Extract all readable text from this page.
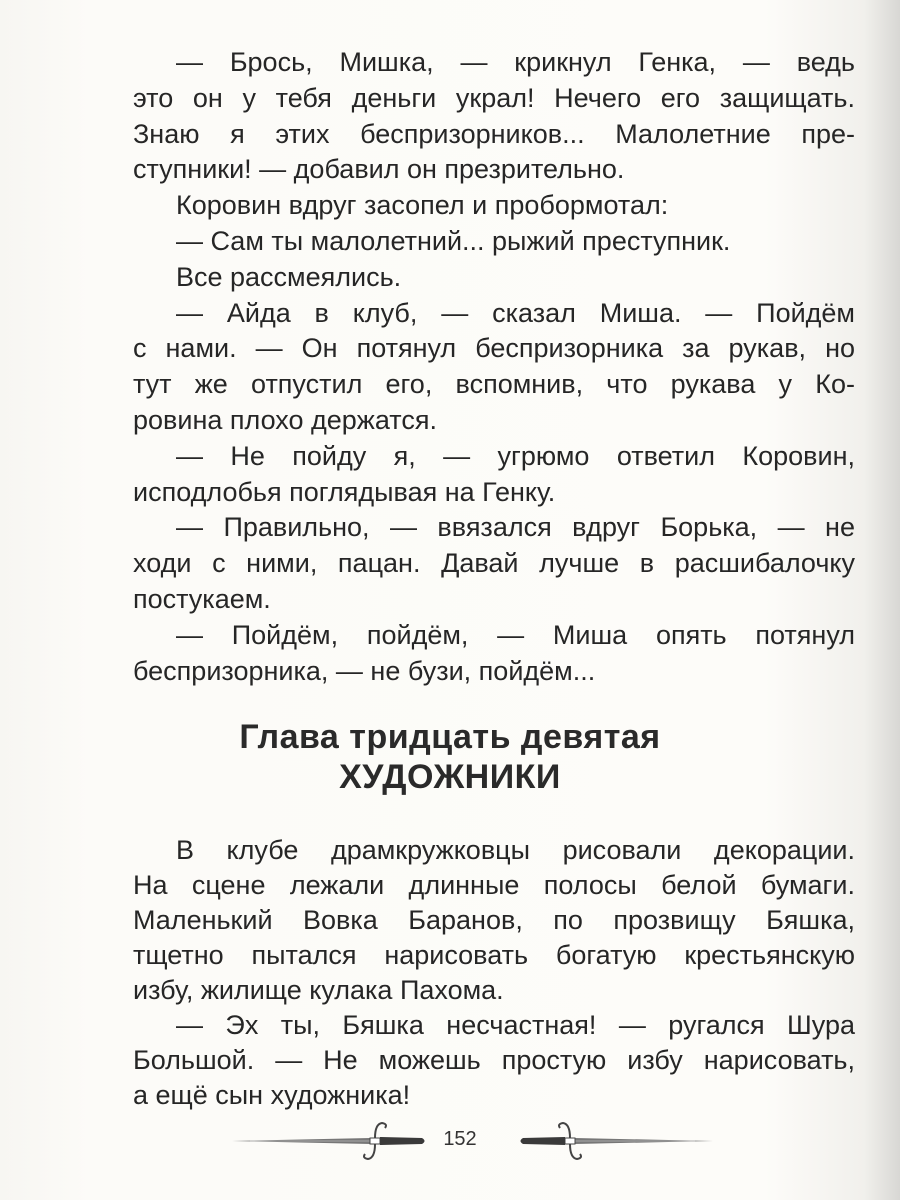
— Брось, Мишка, — крикнул Генка, — ведь
это он у тебя деньги украл! Нечего его защищать.
Знаю я этих беспризорников... Малолетние пре-
ступники! — добавил он презрительно.
Коровин вдруг засопел и пробормотал:
— Сам ты малолетний... рыжий преступник.
Все рассмеялись.
— Айда в клуб, — сказал Миша. — Пойдём
с нами. — Он потянул беспризорника за рукав, но
тут же отпустил его, вспомнив, что рукава у Ко-
ровина плохо держатся.
— Не пойду я, — угрюмо ответил Коровин,
исподлобья поглядывая на Генку.
— Правильно, — ввязался вдруг Борька, — не
ходи с ними, пацан. Давай лучше в расшибалочку
постукаем.
— Пойдём, пойдём, — Миша опять потянул
беспризорника, — не бузи, пойдём...
Глава тридцать девятая
ХУДОЖНИКИ
В клубе драмкружковцы рисовали декорации.
На сцене лежали длинные полосы белой бумаги.
Маленький Вовка Баранов, по прозвищу Бяшка,
тщетно пытался нарисовать богатую крестьянскую
избу, жилище кулака Пахома.
— Эх ты, Бяшка несчастная! — ругался Шура
Большой. — Не можешь простую избу нарисовать,
а ещё сын художника!
152
